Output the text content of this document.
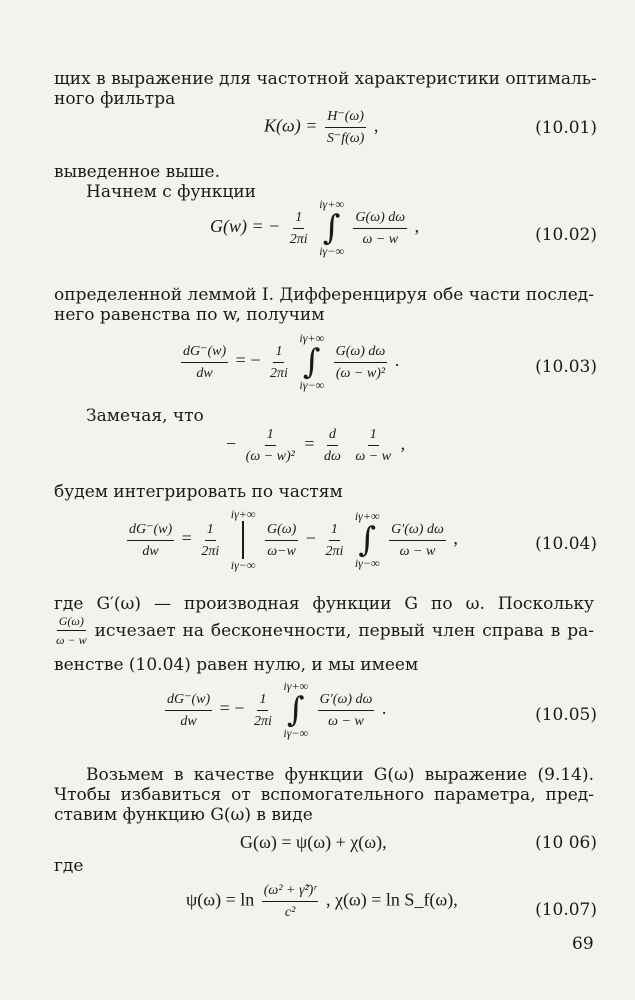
щих в выражение для частотной характеристики оптималь-
ного фильтра
$K(\omega) = \frac{H^-(\omega)}{S^-f(\omega)}$ ,	(10.01)
выведенное выше.
Начнем с функции
G(w) = − $\frac{1}{2\pi i}$

iγ+∞
∫
iγ−∞

$\frac{G(\omega) d\omega}{\omega - w}$ ,	(10.02)
определенной леммой I. Дифференцируя обе части послед-
него равенства по w, получим
$\frac{dG^-(w)}{dw}$ = − $\frac{1}{2\pi i}$

iγ+∞
∫
iγ−∞

$\frac{G(\omega) d\omega}{\text{(ω − w)²}}$ .	(10.03)
Замечая, что
− $\frac{1}{\text{(ω − w)²}} = \frac{d}{d\omega}$
$\frac{1}{\omega - w}$ ,
будем интегрировать по частям
$\frac{dG^-(w)}{dw} = \frac{1}{2\pi i}$

iγ+∞
iγ−∞

$\frac{G(\omega)}{\omega-w} - \frac{1}{2\pi i}$

iγ+∞
∫
iγ−∞

$\frac{G'(\omega) d\omega}{\omega - w}$ ,	(10.04)
где G′(ω) — производная функции G по ω. Поскольку
$\frac{G(\omega)}{\omega - w}$ исчезает на бесконечности, первый член справа в ра-
венстве (10.04) равен нулю, и мы имеем
$\frac{dG^-(w)}{dw}$ = − $\frac{1}{2\pi i}$

iγ+∞
∫
iγ−∞

$\frac{G'(\omega) d\omega}{\omega - w}$ .	(10.05)
Возьмем в качестве функции G(ω) выражение (9.14).
Чтобы избавиться от вспомогательного параметра, пред-
ставим функцию G(ω) в виде
G(ω) = ψ(ω) + χ(ω),	(10 06)
где
$\psi(\omega) = \ln \frac{\text{(ω² + γ̃²)ʳ}}{\text{c²}}$ , χ(ω) = ln S_f(ω),
(10.07)
69
